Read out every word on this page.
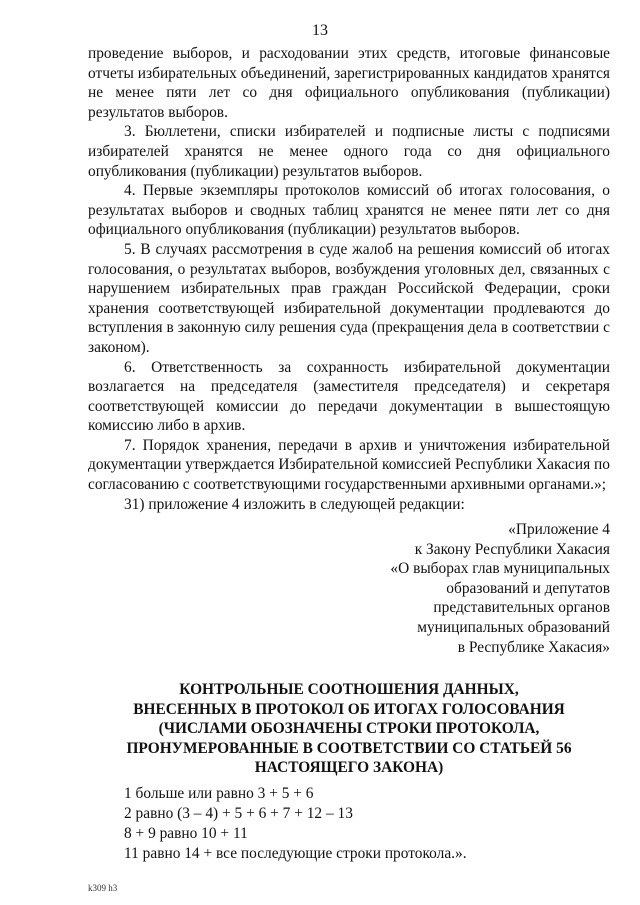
13

проведение выборов, и расходовании этих средств, итоговые финансовые отчеты избирательных объединений, зарегистрированных кандидатов хранятся не менее пяти лет со дня официального опубликования (публикации) результатов выборов.

3. Бюллетени, списки избирателей и подписные листы с подписями избирателей хранятся не менее одного года со дня официального опубликования (публикации) результатов выборов.

4. Первые экземпляры протоколов комиссий об итогах голосования, о результатах выборов и сводных таблиц хранятся не менее пяти лет со дня официального опубликования (публикации) результатов выборов.

5. В случаях рассмотрения в суде жалоб на решения комиссий об итогах голосования, о результатах выборов, возбуждения уголовных дел, связанных с нарушением избирательных прав граждан Российской Федерации, сроки хранения соответствующей избирательной документации продлеваются до вступления в законную силу решения суда (прекращения дела в соответствии с законом).

6. Ответственность за сохранность избирательной документации возлагается на председателя (заместителя председателя) и секретаря соответствующей комиссии до передачи документации в вышестоящую комиссию либо в архив.

7. Порядок хранения, передачи в архив и уничтожения избирательной документации утверждается Избирательной комиссией Республики Хакасия по согласованию с соответствующими государственными архивными органами.»;

31) приложение 4 изложить в следующей редакции:

«Приложение 4
к Закону Республики Хакасия
«О выборах глав муниципальных
образований и депутатов
представительных органов
муниципальных образований
в Республике Хакасия»
КОНТРОЛЬНЫЕ СООТНОШЕНИЯ ДАННЫХ,
ВНЕСЕННЫХ В ПРОТОКОЛ ОБ ИТОГАХ ГОЛОСОВАНИЯ
(ЧИСЛАМИ ОБОЗНАЧЕНЫ СТРОКИ ПРОТОКОЛА,
ПРОНУМЕРОВАННЫЕ В СООТВЕТСТВИИ СО СТАТЬЕЙ 56
НАСТОЯЩЕГО ЗАКОНА)
1 больше или равно 3 + 5 + 6
2 равно (3 – 4) + 5 + 6 + 7 + 12 – 13
8 + 9 равно 10 + 11
11 равно 14 + все последующие строки протокола.».
k309 h3
